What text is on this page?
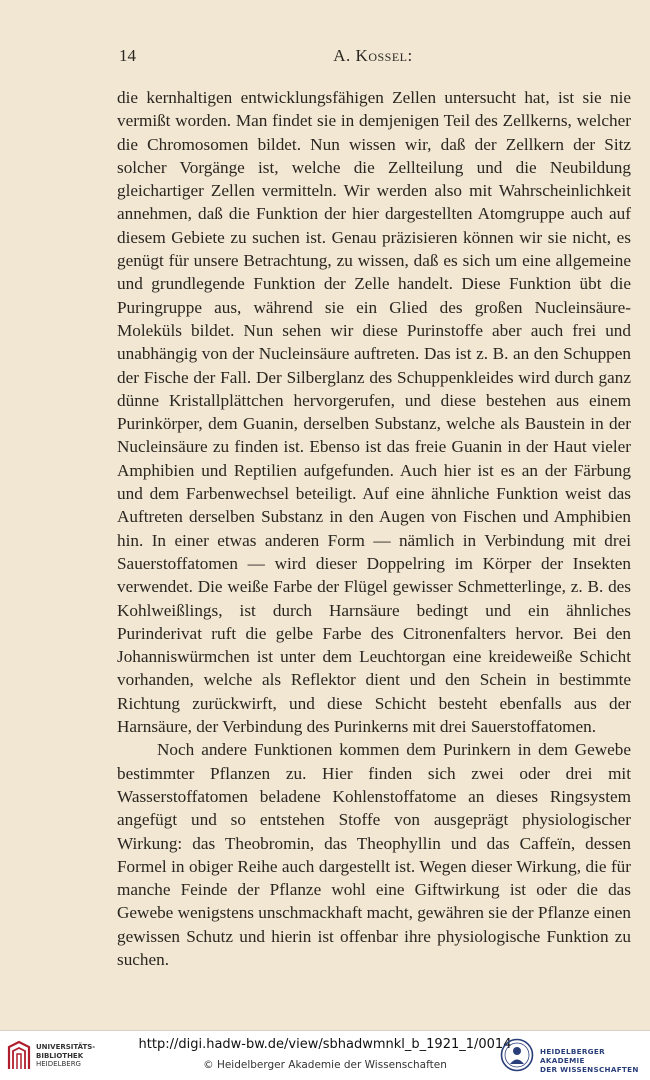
14	A. Kossel:

die kernhaltigen entwicklungsfähigen Zellen untersucht hat, ist sie nie vermißt worden. Man findet sie in demjenigen Teil des Zellkerns, welcher die Chromosomen bildet. Nun wissen wir, daß der Zellkern der Sitz solcher Vorgänge ist, welche die Zellteilung und die Neubildung gleichartiger Zellen vermitteln. Wir werden also mit Wahrscheinlichkeit annehmen, daß die Funktion der hier dargestellten Atomgruppe auch auf diesem Gebiete zu suchen ist. Genau präzisieren können wir sie nicht, es genügt für unsere Betrachtung, zu wissen, daß es sich um eine allgemeine und grundlegende Funktion der Zelle handelt. Diese Funktion übt die Puringruppe aus, während sie ein Glied des großen Nucleinsäure-Moleküls bildet. Nun sehen wir diese Purinstoffe aber auch frei und unabhängig von der Nucleinsäure auftreten. Das ist z. B. an den Schuppen der Fische der Fall. Der Silberglanz des Schuppenkleides wird durch ganz dünne Kristallplättchen hervorgerufen, und diese bestehen aus einem Purinkörper, dem Guanin, derselben Substanz, welche als Baustein in der Nucleinsäure zu finden ist. Ebenso ist das freie Guanin in der Haut vieler Amphibien und Reptilien aufgefunden. Auch hier ist es an der Färbung und dem Farbenwechsel beteiligt. Auf eine ähnliche Funktion weist das Auftreten derselben Substanz in den Augen von Fischen und Amphibien hin. In einer etwas anderen Form — nämlich in Verbindung mit drei Sauerstoffatomen — wird dieser Doppelring im Körper der Insekten verwendet. Die weiße Farbe der Flügel gewisser Schmetterlinge, z. B. des Kohlweißlings, ist durch Harnsäure bedingt und ein ähnliches Purinderivat ruft die gelbe Farbe des Citronenfalters hervor. Bei den Johanniswürmchen ist unter dem Leuchtorgan eine kreideweiße Schicht vorhanden, welche als Reflektor dient und den Schein in bestimmte Richtung zurückwirft, und diese Schicht besteht ebenfalls aus der Harnsäure, der Verbindung des Purinkerns mit drei Sauerstoffatomen.

Noch andere Funktionen kommen dem Purinkern in dem Gewebe bestimmter Pflanzen zu. Hier finden sich zwei oder drei mit Wasserstoffatomen beladene Kohlenstoffatome an dieses Ringsystem angefügt und so entstehen Stoffe von ausgeprägt physiologischer Wirkung: das Theobromin, das Theophyllin und das Caffeïn, dessen Formel in obiger Reihe auch dargestellt ist. Wegen dieser Wirkung, die für manche Feinde der Pflanze wohl eine Giftwirkung ist oder die das Gewebe wenigstens unschmackhaft macht, gewähren sie der Pflanze einen gewissen Schutz und hierin ist offenbar ihre physiologische Funktion zu suchen.

UNIVERSITÄTS-
BIBLIOTHEK
HEIDELBERG
http://digi.hadw-bw.de/view/sbhadwmnkl_b_1921_1/0014
© Heidelberger Akademie der Wissenschaften
HEIDELBERGER AKADEMIE
DER WISSENSCHAFTEN
